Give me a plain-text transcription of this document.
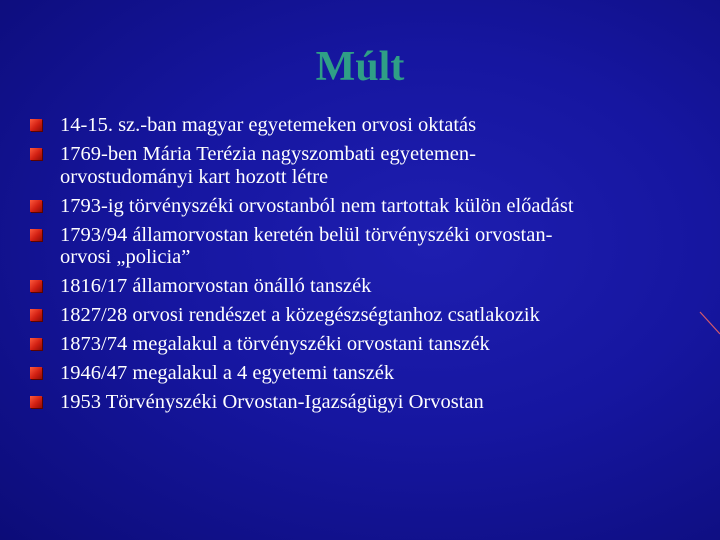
Múlt
14-15. sz.-ban magyar egyetemeken orvosi oktatás
1769-ben Mária Terézia nagyszombati egyetemen-
orvostudományi kart hozott létre
1793-ig törvényszéki orvostanból nem tartottak külön előadást
1793/94 államorvostan keretén belül törvényszéki orvostan-
orvosi „policia”
1816/17 államorvostan önálló tanszék
1827/28 orvosi rendészet a közegészségtanhoz csatlakozik
1873/74 megalakul a törvényszéki orvostani tanszék
1946/47 megalakul a 4 egyetemi tanszék
1953 Törvényszéki Orvostan-Igazságügyi Orvostan
